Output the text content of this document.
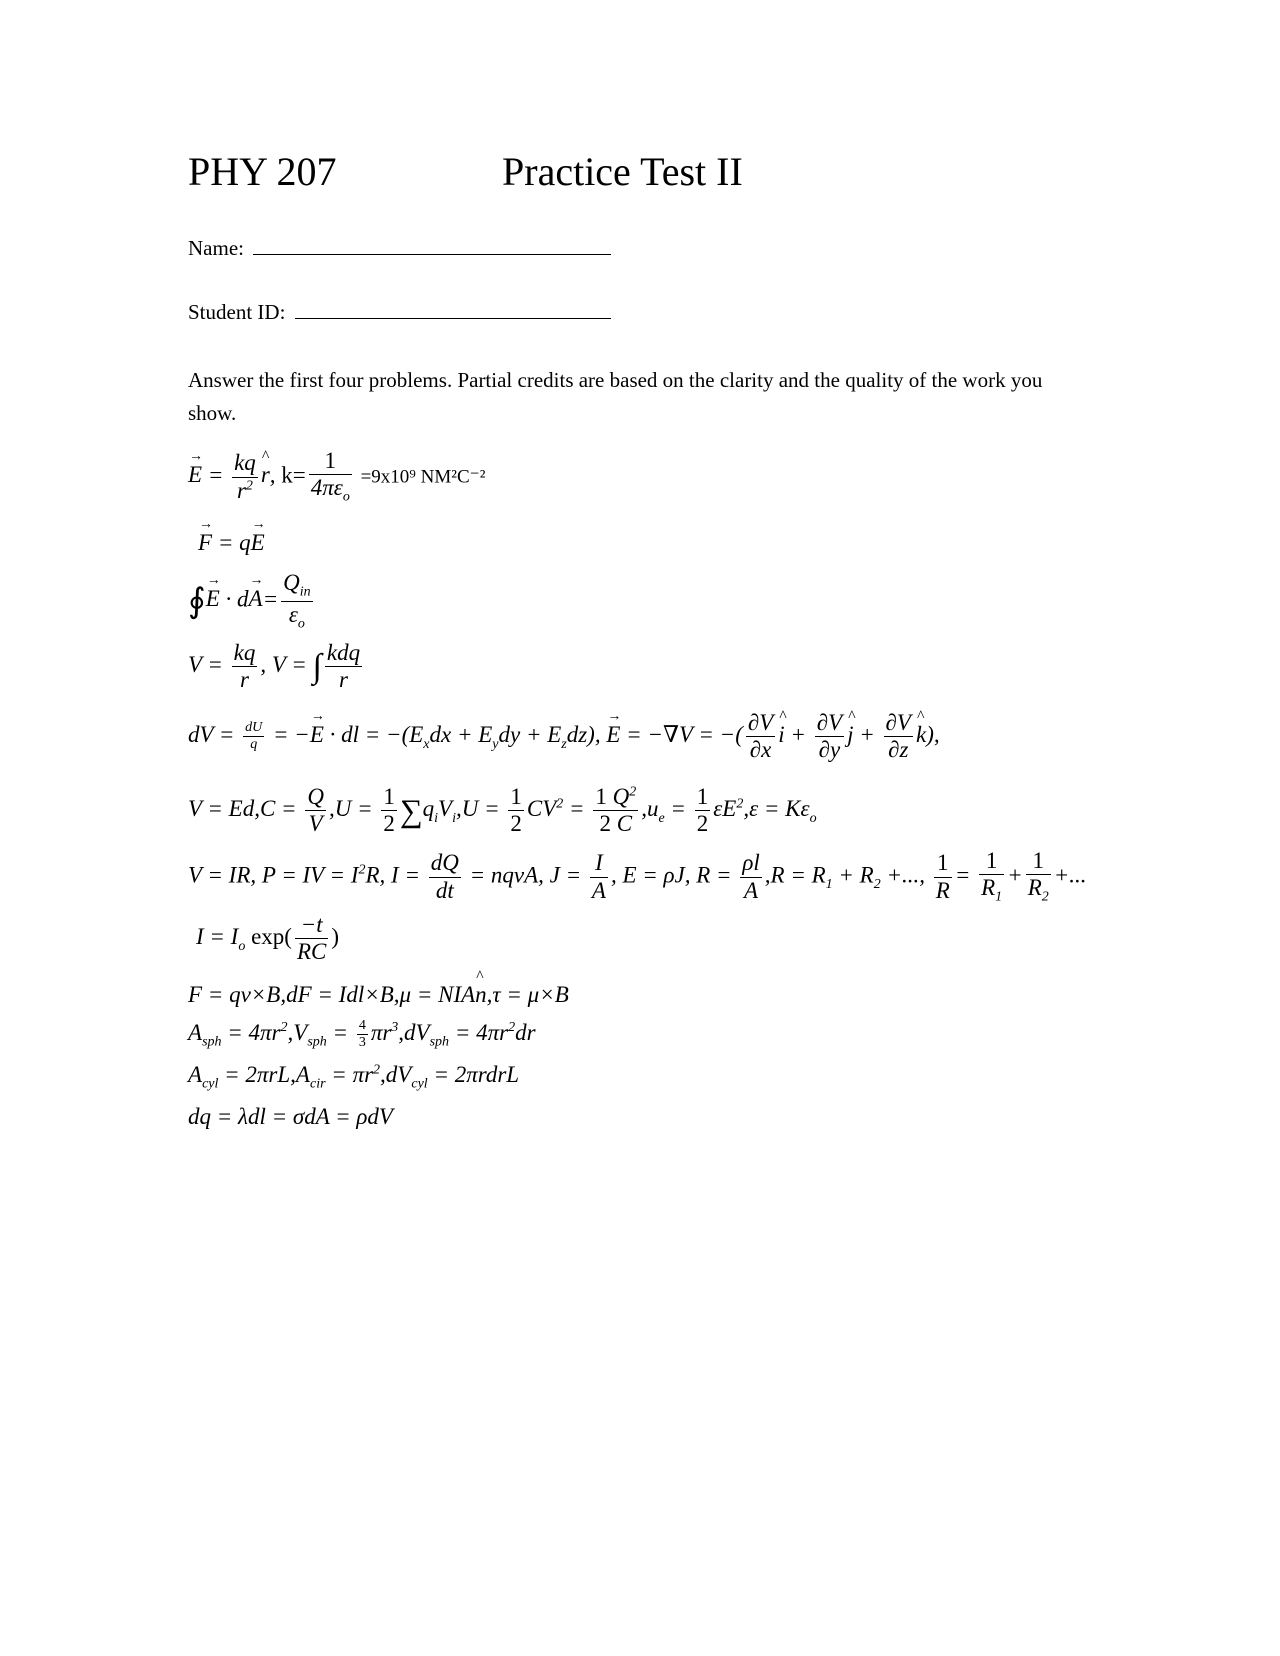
PHY 207	Practice Test II
Name:
Student ID:
Answer the first four problems. Partial credits are based on the clarity and the quality of the work you show.
→ $E = \frac{kq}{r^2}$ ^ r, $k= \frac{1}{4\pi\varepsilon_o} =9x10^9$ NM²C⁻²
→ F = q→ E
∮→ $E \cdot d\to A= \frac{Q_{in}}{\varepsilon_o}$
$V = \frac{kq}{r}$ , V = ∫ $\frac{\text{kdq}}{r}$
dV = $\frac{dU}{q}$ = −→ E · dl = $-(E_xdx + E_ydy + E_zdz)$, → E = −∇V = −( $\frac{\partial V}{\partial x}$ ^ $i + \frac{\partial V}{\partial y}$ ^ $j + \frac{\partial V}{\partial z}$ ^ k),
$V = Ed,C = \frac{Q}{V} ,U = \frac{1}{2} \sum q_iV_i,U = \frac{1}{2} CV^2 = \frac{1 Q^2}{2 C} ,u_e = \frac{1}{2} \varepsilon E^2,\varepsilon = K\varepsilon_o$
V = IR, P = IV = $I^2R$, $I = \frac{dQ}{dt}$ = nqvA, $J = \frac{I}{A}$ , E = ρJ, $R = \frac{\rho l}{A} ,R = R_1 + R_2$ +..., $\frac{1}{R} = \frac{1}{R_1} + \frac{1}{R_2}$ +...
$I = I_o$ $\exp( \frac{-t}{RC}$ )
F = qv×B,dF = Idl×B,μ = NIA^ n,τ = μ×B
$A_{sph} = 4\pi r^2,V_{sph} = \frac{4}{3} \pi r^3,dV_{sph} = 4\pi r^2dr$
$A_{cyl} = 2\pi rL,A_{cir} = \pi r^2,dV_{cyl}$ = 2πrdrL
dq = λdl = σdA = ρdV
